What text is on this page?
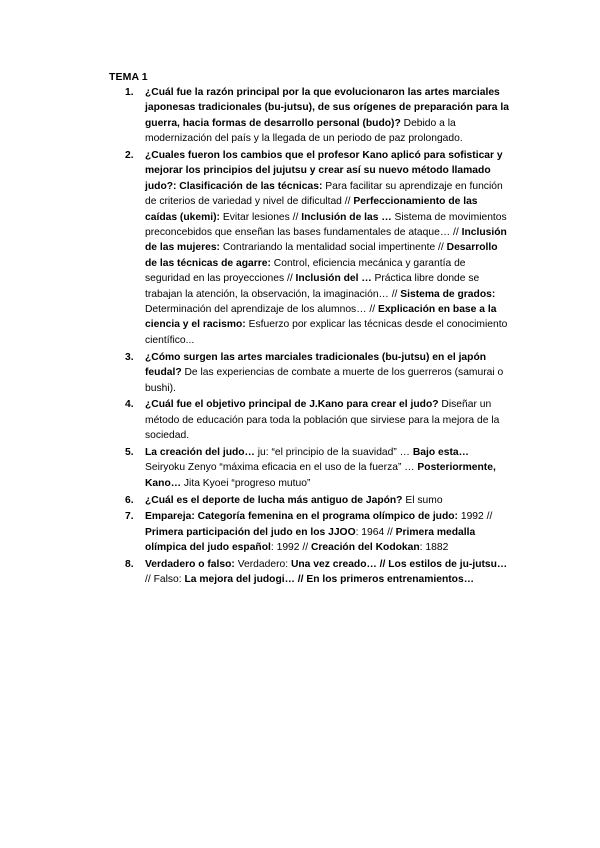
TEMA 1
1. ¿Cuál fue la razón principal por la que evolucionaron las artes marciales japonesas tradicionales (bu-jutsu), de sus orígenes de preparación para la guerra, hacia formas de desarrollo personal (budo)? Debido a la modernización del país y la llegada de un periodo de paz prolongado.
2. ¿Cuales fueron los cambios que el profesor Kano aplicó para sofisticar y mejorar los principios del jujutsu y crear así su nuevo método llamado judo?: Clasificación de las técnicas: Para facilitar su aprendizaje en función de criterios de variedad y nivel de dificultad // Perfeccionamiento de las caídas (ukemi): Evitar lesiones // Inclusión de las … Sistema de movimientos preconcebidos que enseñan las bases fundamentales de ataque… // Inclusión de las mujeres: Contrariando la mentalidad social impertinente // Desarrollo de las técnicas de agarre: Control, eficiencia mecánica y garantía de seguridad en las proyecciones // Inclusión del … Práctica libre donde se trabajan la atención, la observación, la imaginación… // Sistema de grados: Determinación del aprendizaje de los alumnos… // Explicación en base a la ciencia y el racismo: Esfuerzo por explicar las técnicas desde el conocimiento científico...
3. ¿Cómo surgen las artes marciales tradicionales (bu-jutsu) en el japón feudal? De las experiencias de combate a muerte de los guerreros (samurai o bushi).
4. ¿Cuál fue el objetivo principal de J.Kano para crear el judo? Diseñar un método de educación para toda la población que sirviese para la mejora de la sociedad.
5. La creación del judo… ju: “el principio de la suavidad” … Bajo esta… Seiryoku Zenyo “máxima eficacia en el uso de la fuerza” … Posteriormente, Kano… Jita Kyoei “progreso mutuo”
6. ¿Cuál es el deporte de lucha más antiguo de Japón? El sumo
7. Empareja: Categoría femenina en el programa olímpico de judo: 1992 // Primera participación del judo en los JJOO: 1964 // Primera medalla olímpica del judo español: 1992 // Creación del Kodokan: 1882
8. Verdadero o falso: Verdadero: Una vez creado… // Los estilos de ju-jutsu… // Falso: La mejora del judogi… // En los primeros entrenamientos…
